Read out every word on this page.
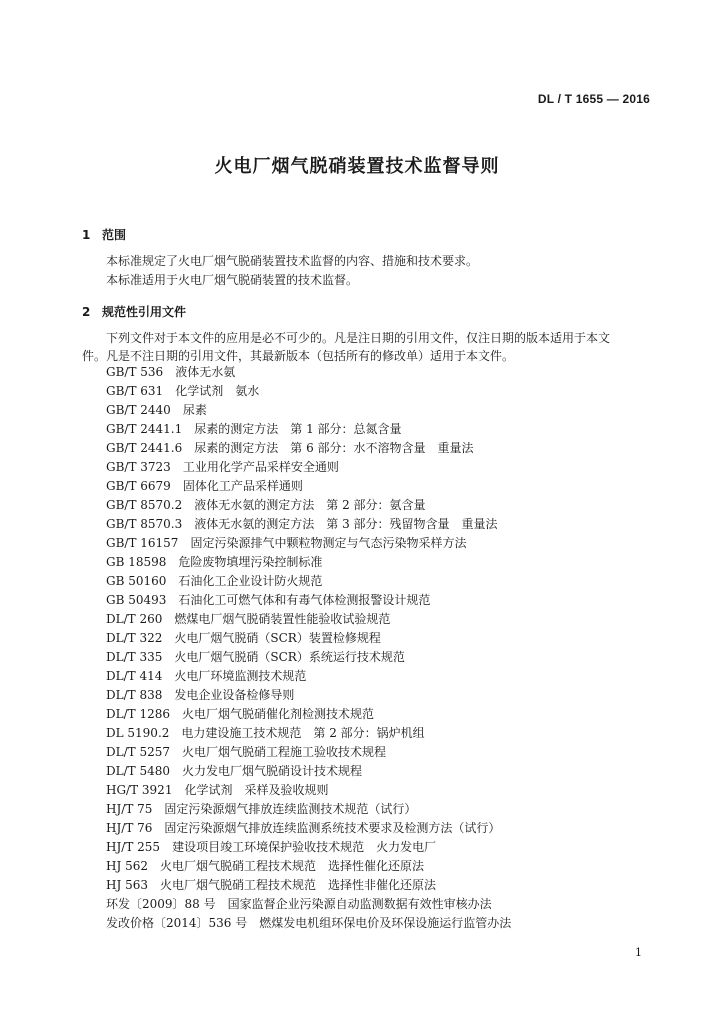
DL / T 1655 — 2016
火电厂烟气脱硝装置技术监督导则
1 范围
本标准规定了火电厂烟气脱硝装置技术监督的内容、措施和技术要求。
本标准适用于火电厂烟气脱硝装置的技术监督。
2 规范性引用文件
下列文件对于本文件的应用是必不可少的。凡是注日期的引用文件，仅注日期的版本适用于本文
件。凡是不注日期的引用文件，其最新版本（包括所有的修改单）适用于本文件。
GB/T 536　 液体无水氨
GB/T 631　 化学试剂　氨水
GB/T 2440　 尿素
GB/T 2441.1　 尿素的测定方法　第 1 部分：总氮含量
GB/T 2441.6　 尿素的测定方法　第 6 部分：水不溶物含量　重量法
GB/T 3723　 工业用化学产品采样安全通则
GB/T 6679　 固体化工产品采样通则
GB/T 8570.2　 液体无水氨的测定方法　第 2 部分：氨含量
GB/T 8570.3　 液体无水氨的测定方法　第 3 部分：残留物含量　重量法
GB/T 16157　 固定污染源排气中颗粒物测定与气态污染物采样方法
GB 18598　 危险废物填埋污染控制标准
GB 50160　 石油化工企业设计防火规范
GB 50493　 石油化工可燃气体和有毒气体检测报警设计规范
DL/T 260　 燃煤电厂烟气脱硝装置性能验收试验规范
DL/T 322　 火电厂烟气脱硝（SCR）装置检修规程
DL/T 335　 火电厂烟气脱硝（SCR）系统运行技术规范
DL/T 414　 火电厂环境监测技术规范
DL/T 838　 发电企业设备检修导则
DL/T 1286　 火电厂烟气脱硝催化剂检测技术规范
DL 5190.2　 电力建设施工技术规范　第 2 部分：锅炉机组
DL/T 5257　 火电厂烟气脱硝工程施工验收技术规程
DL/T 5480　 火力发电厂烟气脱硝设计技术规程
HG/T 3921　 化学试剂　采样及验收规则
HJ/T 75　 固定污染源烟气排放连续监测技术规范（试行）
HJ/T 76　 固定污染源烟气排放连续监测系统技术要求及检测方法（试行）
HJ/T 255　 建设项目竣工环境保护验收技术规范　火力发电厂
HJ 562　 火电厂烟气脱硝工程技术规范　选择性催化还原法
HJ 563　 火电厂烟气脱硝工程技术规范　选择性非催化还原法
环发〔2009〕88 号　 国家监督企业污染源自动监测数据有效性审核办法
发改价格〔2014〕536 号　 燃煤发电机组环保电价及环保设施运行监管办法
1
